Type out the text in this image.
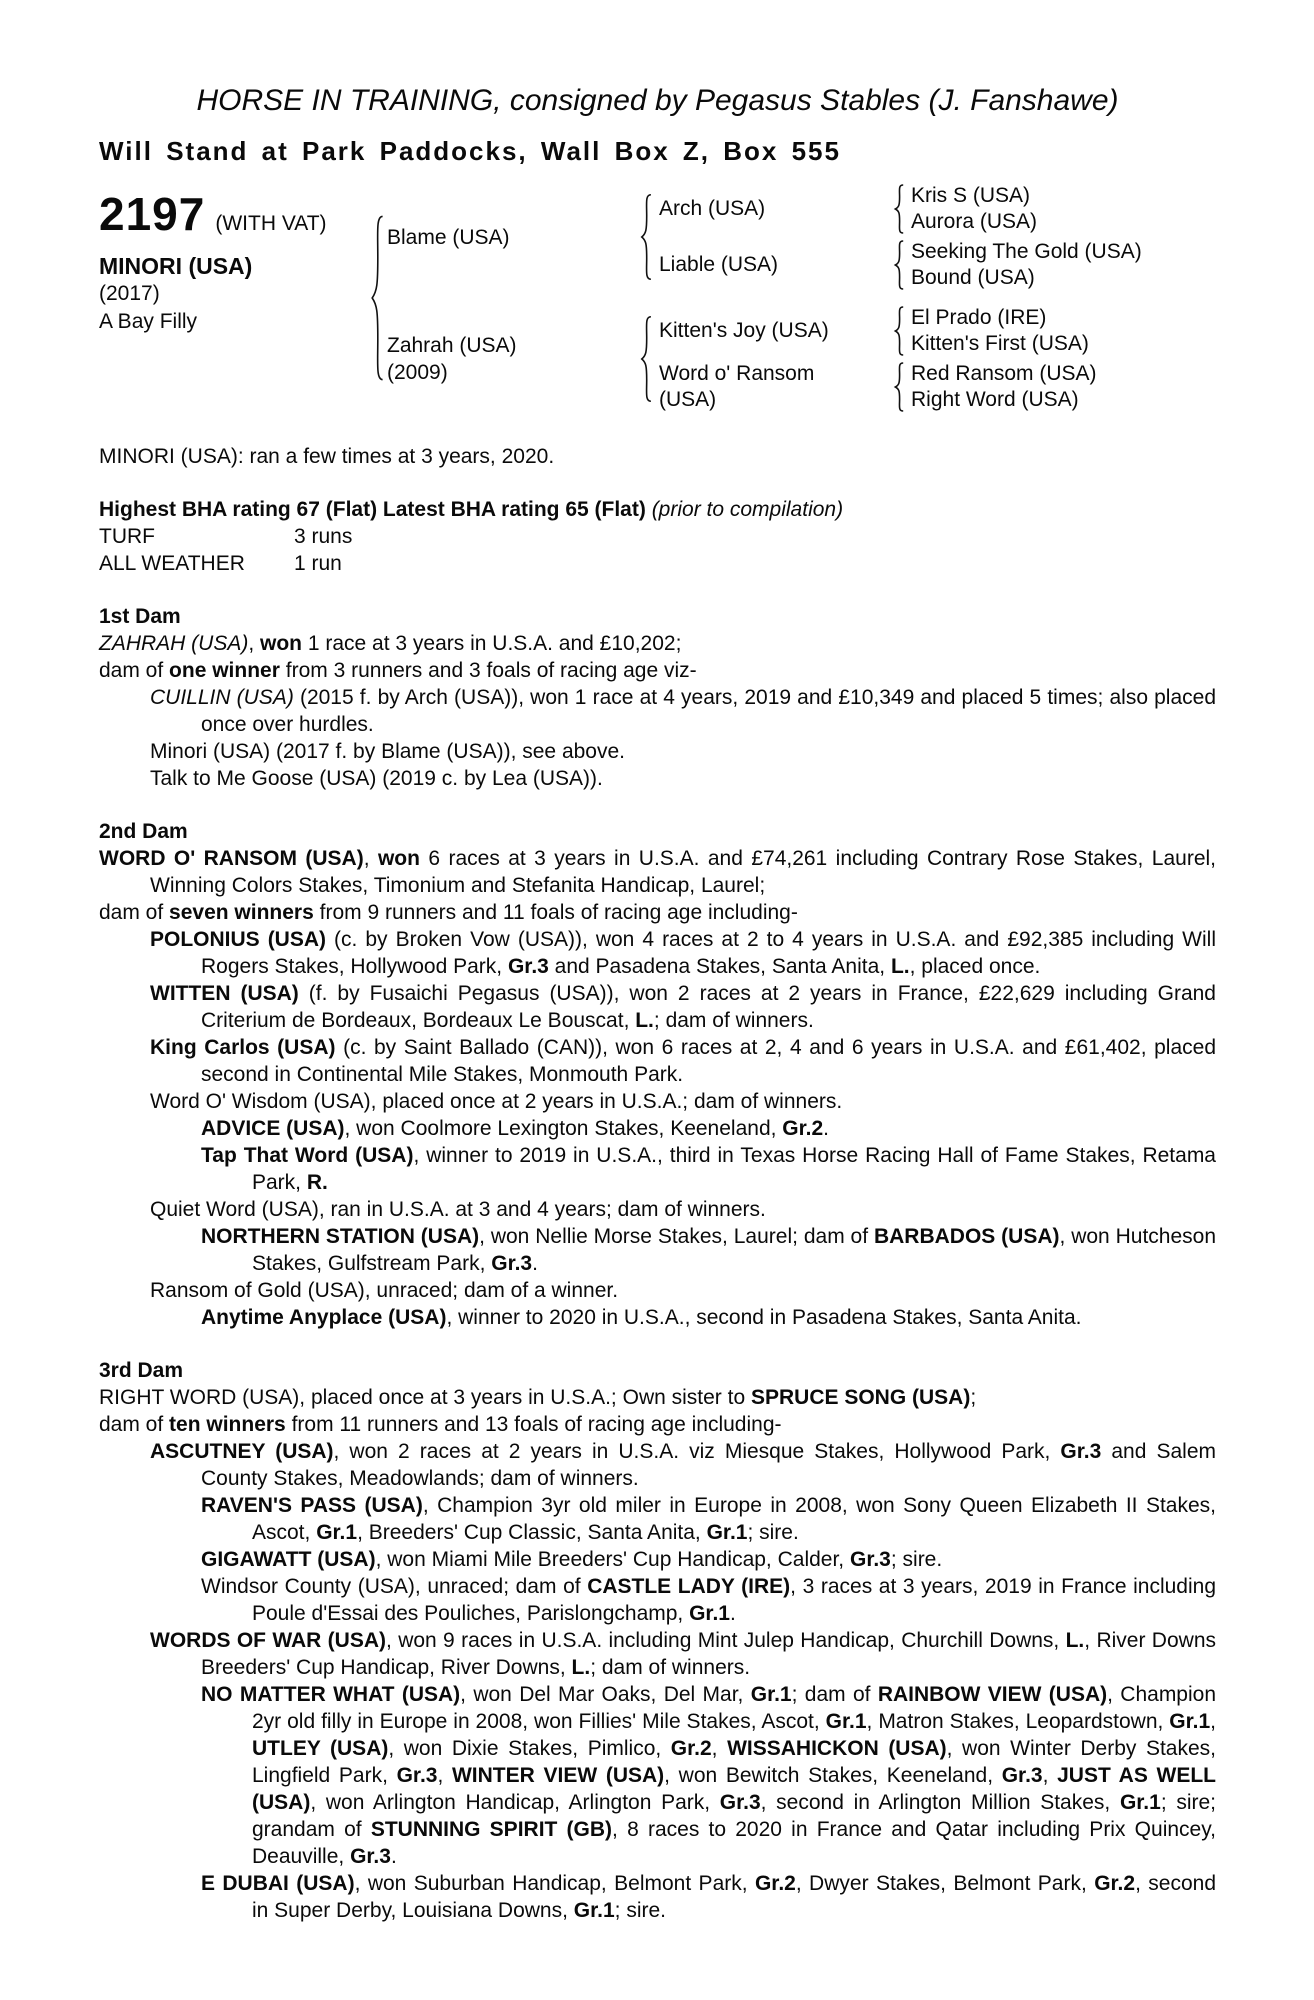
HORSE IN TRAINING, consigned by Pegasus Stables (J. Fanshawe)
Will Stand at Park Paddocks, Wall Box Z, Box 555
2197 (WITH VAT)
MINORI (USA)
(2017)
A Bay Filly
Blame (USA)
Arch (USA)
Kris S (USA)
Aurora (USA)
Liable (USA)
Seeking The Gold (USA)
Bound (USA)
Zahrah (USA)
(2009)
Kitten's Joy (USA)
El Prado (IRE)
Kitten's First (USA)
Word o' Ransom
(USA)
Red Ransom (USA)
Right Word (USA)

MINORI (USA): ran a few times at 3 years, 2020.

Highest BHA rating 67 (Flat) Latest BHA rating 65 (Flat) (prior to compilation)

TURF	3 runs
ALL WEATHER	1 run
1st Dam

ZAHRAH (USA), won 1 race at 3 years in U.S.A. and £10,202;

dam of one winner from 3 runners and 3 foals of racing age viz-

CUILLIN (USA) (2015 f. by Arch (USA)), won 1 race at 4 years, 2019 and £10,349 and placed 5 times; also placed once over hurdles.

Minori (USA) (2017 f. by Blame (USA)), see above.

Talk to Me Goose (USA) (2019 c. by Lea (USA)).

2nd Dam

WORD O' RANSOM (USA), won 6 races at 3 years in U.S.A. and £74,261 including Contrary Rose Stakes, Laurel, Winning Colors Stakes, Timonium and Stefanita Handicap, Laurel;

dam of seven winners from 9 runners and 11 foals of racing age including-

POLONIUS (USA) (c. by Broken Vow (USA)), won 4 races at 2 to 4 years in U.S.A. and £92,385 including Will Rogers Stakes, Hollywood Park, Gr.3 and Pasadena Stakes, Santa Anita, L., placed once.

WITTEN (USA) (f. by Fusaichi Pegasus (USA)), won 2 races at 2 years in France, £22,629 including Grand Criterium de Bordeaux, Bordeaux Le Bouscat, L.; dam of winners.

King Carlos (USA) (c. by Saint Ballado (CAN)), won 6 races at 2, 4 and 6 years in U.S.A. and £61,402, placed second in Continental Mile Stakes, Monmouth Park.

Word O' Wisdom (USA), placed once at 2 years in U.S.A.; dam of winners.

ADVICE (USA), won Coolmore Lexington Stakes, Keeneland, Gr.2.

Tap That Word (USA), winner to 2019 in U.S.A., third in Texas Horse Racing Hall of Fame Stakes, Retama Park, R.

Quiet Word (USA), ran in U.S.A. at 3 and 4 years; dam of winners.

NORTHERN STATION (USA), won Nellie Morse Stakes, Laurel; dam of BARBADOS (USA), won Hutcheson Stakes, Gulfstream Park, Gr.3.

Ransom of Gold (USA), unraced; dam of a winner.

Anytime Anyplace (USA), winner to 2020 in U.S.A., second in Pasadena Stakes, Santa Anita.

3rd Dam

RIGHT WORD (USA), placed once at 3 years in U.S.A.; Own sister to SPRUCE SONG (USA);

dam of ten winners from 11 runners and 13 foals of racing age including-

ASCUTNEY (USA), won 2 races at 2 years in U.S.A. viz Miesque Stakes, Hollywood Park, Gr.3 and Salem County Stakes, Meadowlands; dam of winners.

RAVEN'S PASS (USA), Champion 3yr old miler in Europe in 2008, won Sony Queen Elizabeth II Stakes, Ascot, Gr.1, Breeders' Cup Classic, Santa Anita, Gr.1; sire.

GIGAWATT (USA), won Miami Mile Breeders' Cup Handicap, Calder, Gr.3; sire.

Windsor County (USA), unraced; dam of CASTLE LADY (IRE), 3 races at 3 years, 2019 in France including Poule d'Essai des Pouliches, Parislongchamp, Gr.1.

WORDS OF WAR (USA), won 9 races in U.S.A. including Mint Julep Handicap, Churchill Downs, L., River Downs Breeders' Cup Handicap, River Downs, L.; dam of winners.

NO MATTER WHAT (USA), won Del Mar Oaks, Del Mar, Gr.1; dam of RAINBOW VIEW (USA), Champion 2yr old filly in Europe in 2008, won Fillies' Mile Stakes, Ascot, Gr.1, Matron Stakes, Leopardstown, Gr.1, UTLEY (USA), won Dixie Stakes, Pimlico, Gr.2, WISSAHICKON (USA), won Winter Derby Stakes, Lingfield Park, Gr.3, WINTER VIEW (USA), won Bewitch Stakes, Keeneland, Gr.3, JUST AS WELL (USA), won Arlington Handicap, Arlington Park, Gr.3, second in Arlington Million Stakes, Gr.1; sire; grandam of STUNNING SPIRIT (GB), 8 races to 2020 in France and Qatar including Prix Quincey, Deauville, Gr.3.

E DUBAI (USA), won Suburban Handicap, Belmont Park, Gr.2, Dwyer Stakes, Belmont Park, Gr.2, second in Super Derby, Louisiana Downs, Gr.1; sire.
